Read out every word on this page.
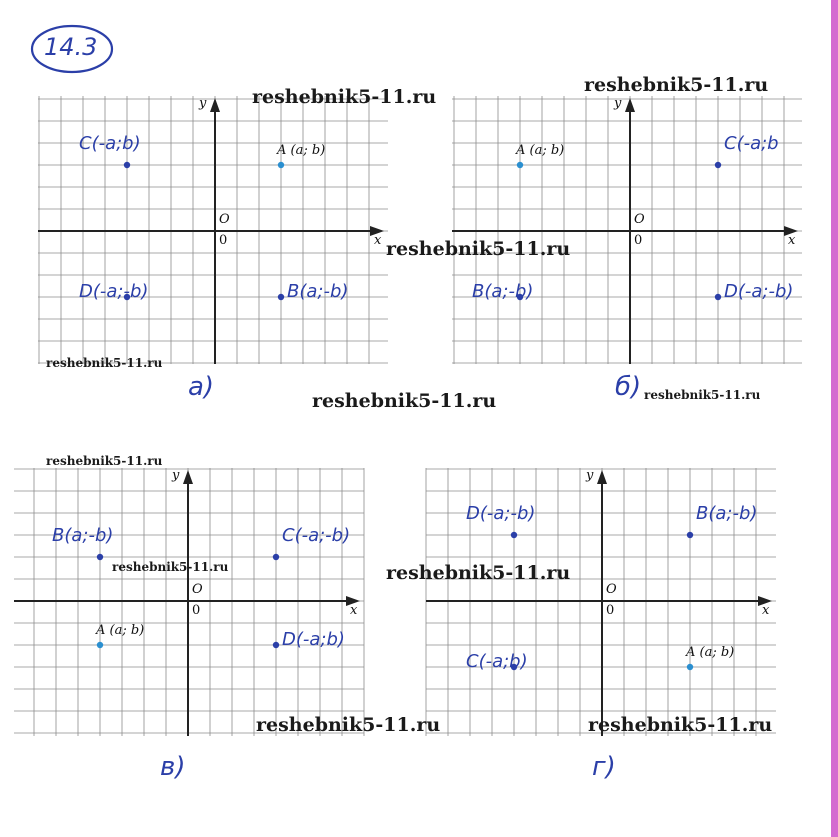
14.3
y
x
O
0
A (a; b)
C(-a;b)
D(-a;-b)	B(a;-b)
y
x
O
0
A (a; b)	C(-a;b
B(a;-b)	D(-a;-b)
y
x
O
0
A (a; b)
B(a;-b)	C(-a;-b)
D(-a;b)
y
x
O
0
A (a; b)
B(a;-b)
D(-a;-b)
C(-a;b)
a)	б)
в)	г)
reshebnik5-11.ru
reshebnik5-11.ru
reshebnik5-11.ru
reshebnik5-11.ru
reshebnik5-11.ru	reshebnik5-11.ru
reshebnik5-11.ru
reshebnik5-11.ru	reshebnik5-11.ru
reshebnik5-11.ru	reshebnik5-11.ru
